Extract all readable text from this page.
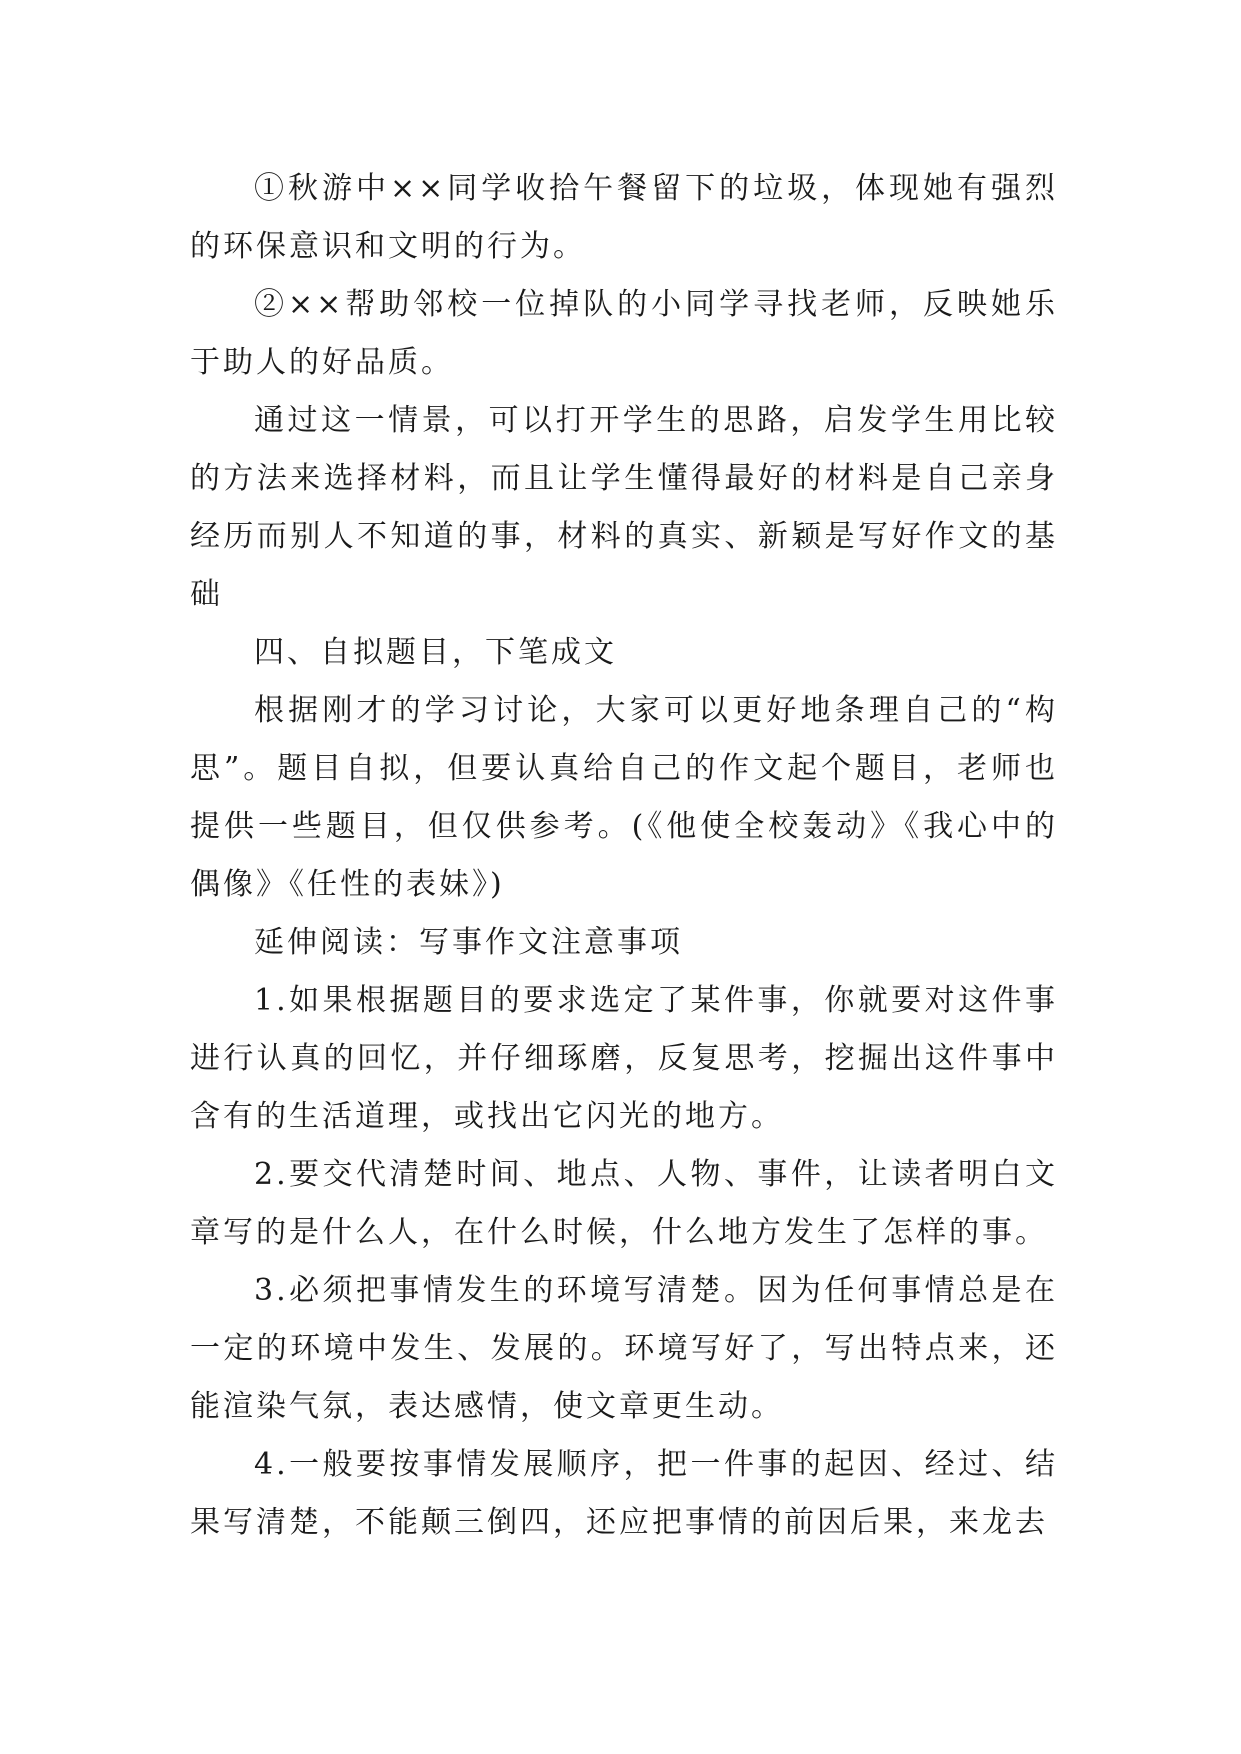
①秋游中××同学收拾午餐留下的垃圾，体现她有强烈的环保意识和文明的行为。

②××帮助邻校一位掉队的小同学寻找老师，反映她乐于助人的好品质。

通过这一情景，可以打开学生的思路，启发学生用比较的方法来选择材料，而且让学生懂得最好的材料是自己亲身经历而别人不知道的事，材料的真实、新颖是写好作文的基础

四、自拟题目，下笔成文

根据刚才的学习讨论，大家可以更好地条理自己的“构思”。题目自拟，但要认真给自己的作文起个题目，老师也提供一些题目，但仅供参考。(《他使全校轰动》《我心中的偶像》《任性的表妹》)

延伸阅读：写事作文注意事项

1.如果根据题目的要求选定了某件事，你就要对这件事进行认真的回忆，并仔细琢磨，反复思考，挖掘出这件事中含有的生活道理，或找出它闪光的地方。

2.要交代清楚时间、地点、人物、事件，让读者明白文章写的是什么人，在什么时候，什么地方发生了怎样的事。

3.必须把事情发生的环境写清楚。因为任何事情总是在一定的环境中发生、发展的。环境写好了，写出特点来，还能渲染气氛，表达感情，使文章更生动。

4.一般要按事情发展顺序，把一件事的起因、经过、结果写清楚，不能颠三倒四，还应把事情的前因后果，来龙去
